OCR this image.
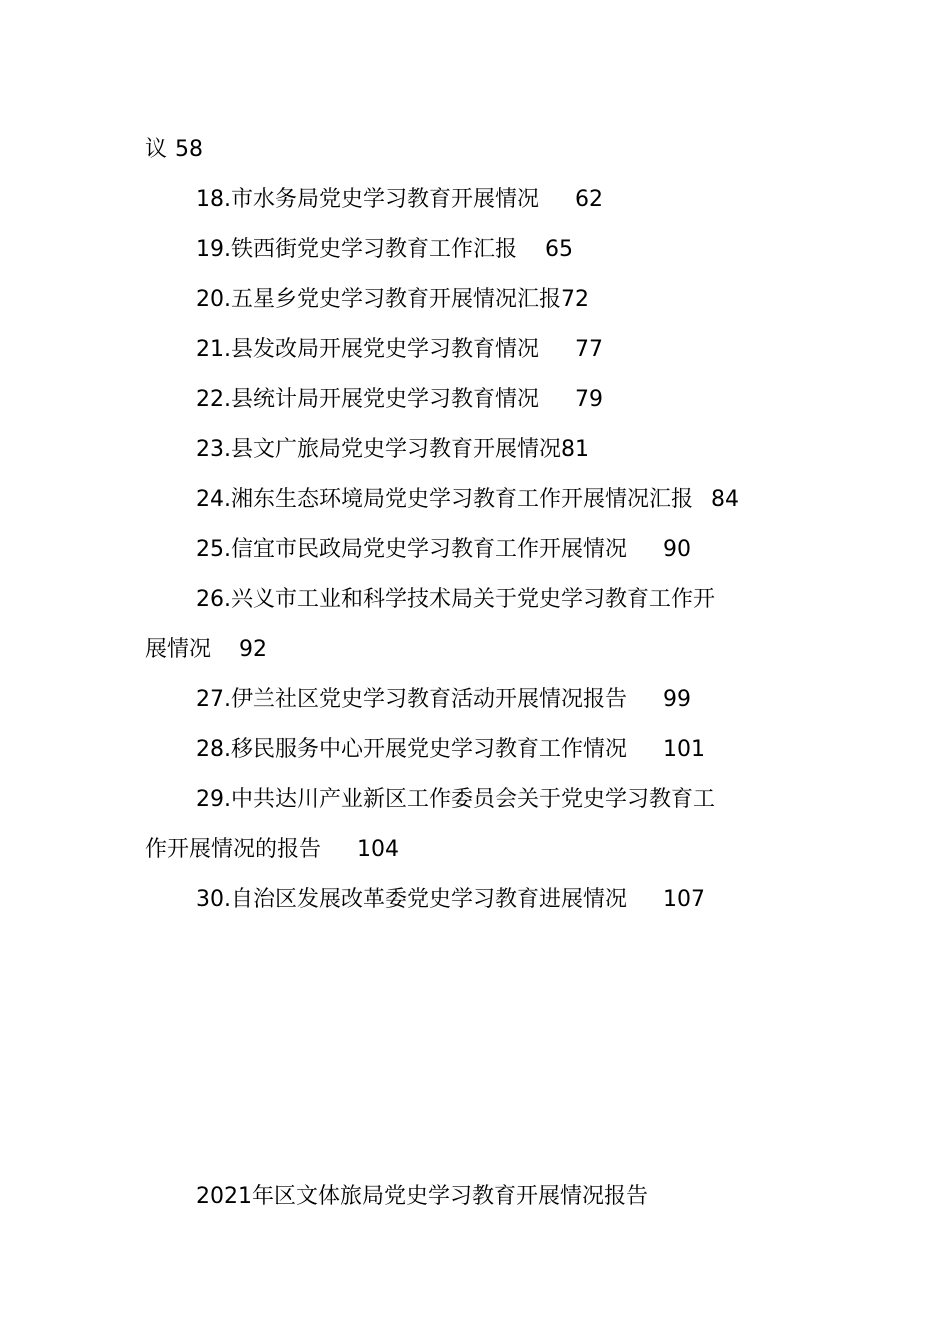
议 58
18.市水务局党史学习教育开展情况 62
19.铁西街党史学习教育工作汇报 65
20.五星乡党史学习教育开展情况汇报72
21.县发改局开展党史学习教育情况 77
22.县统计局开展党史学习教育情况 79
23.县文广旅局党史学习教育开展情况81
24.湘东生态环境局党史学习教育工作开展情况汇报 84
25.信宜市民政局党史学习教育工作开展情况 90
26.兴义市工业和科学技术局关于党史学习教育工作开
展情况 92
27.伊兰社区党史学习教育活动开展情况报告 99
28.移民服务中心开展党史学习教育工作情况 101
29.中共达川产业新区工作委员会关于党史学习教育工
作开展情况的报告 104
30.自治区发展改革委党史学习教育进展情况 107
2021年区文体旅局党史学习教育开展情况报告
